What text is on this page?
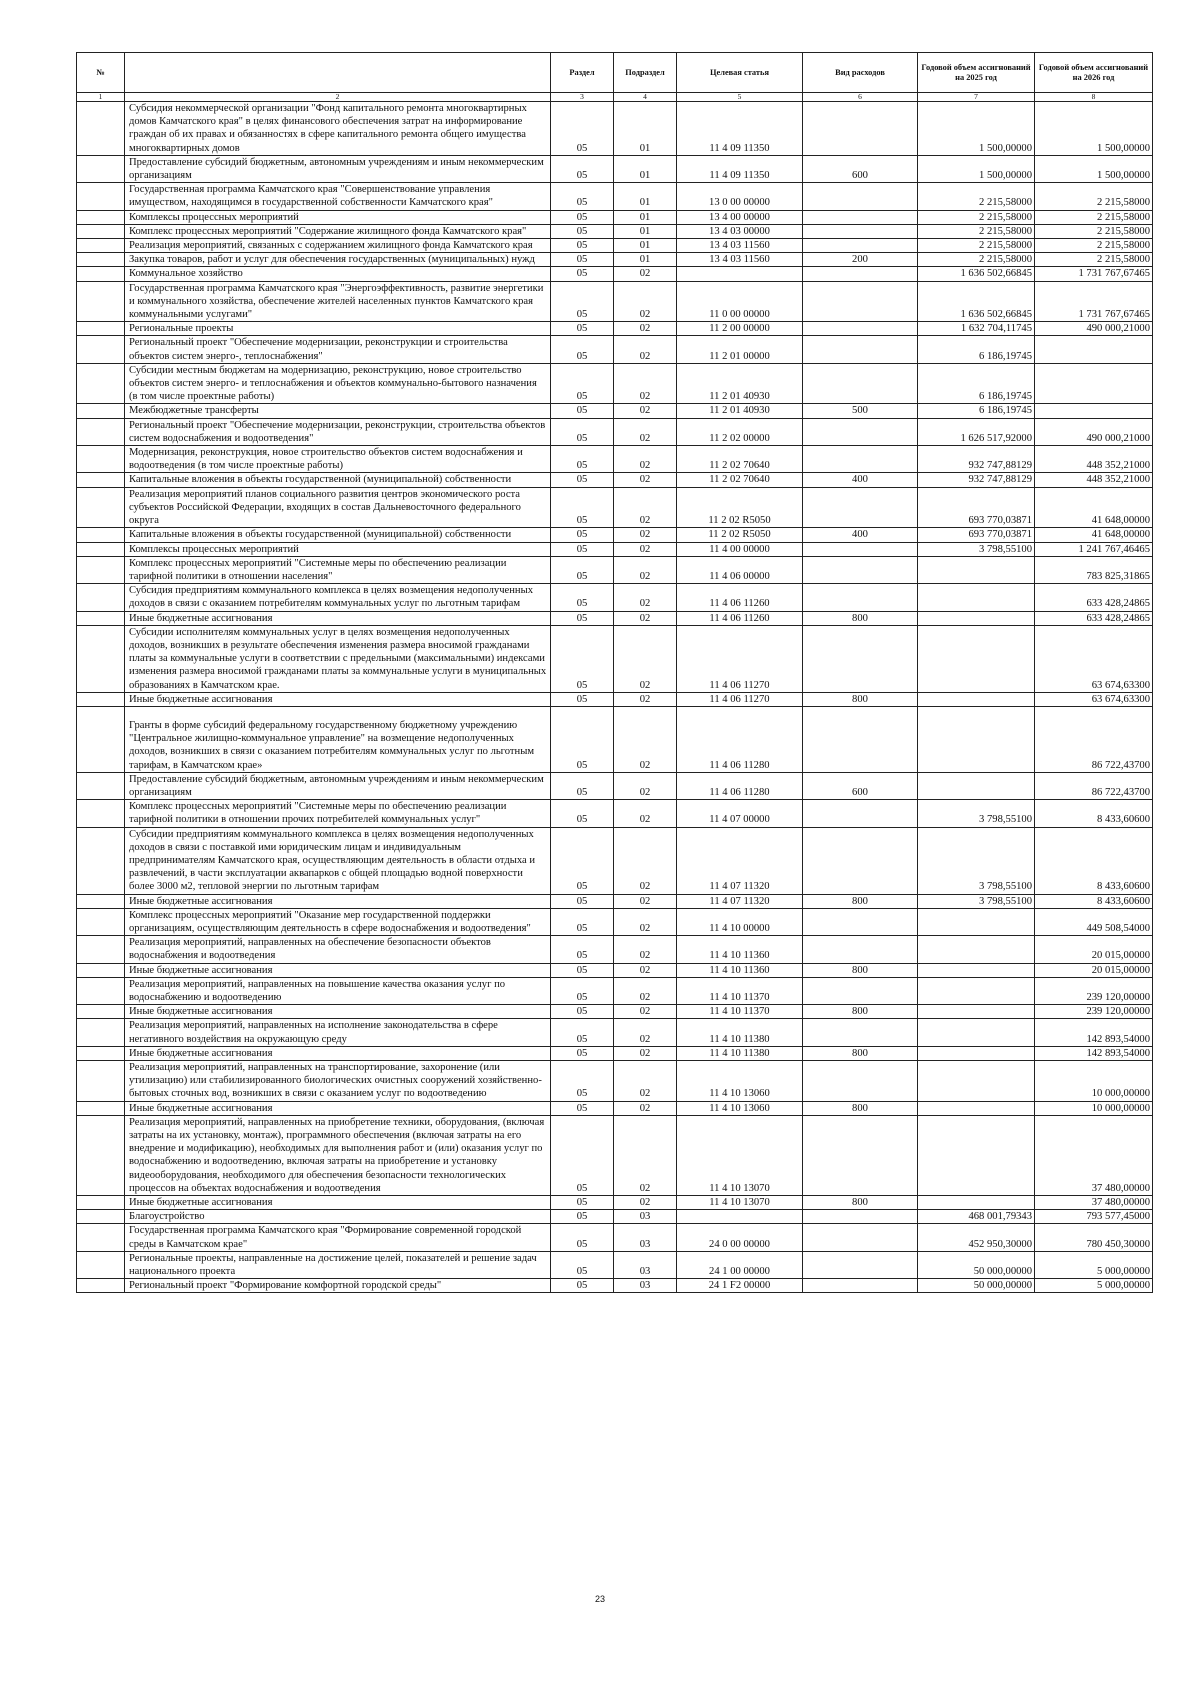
№		Раздел	Подраздел	Целевая статья	Вид расходов	Годовой объем ассигнований на 2025 год	Годовой объем ассигнований на 2026 год
1	2	3	4	5	6	7	8
	Субсидия некоммерческой организации "Фонд капитального ремонта многоквартирных домов Камчатского края" в целях финансового обеспечения затрат на информирование граждан об их правах и обязанностях в сфере капитального ремонта общего имущества многоквартирных домов	05	01	11 4 09 11350		1 500,00000	1 500,00000
	Предоставление субсидий бюджетным, автономным учреждениям и иным некоммерческим организациям	05	01	11 4 09 11350	600	1 500,00000	1 500,00000
	Государственная программа Камчатского края "Совершенствование управления имуществом, находящимся в государственной собственности Камчатского края"	05	01	13 0 00 00000		2 215,58000	2 215,58000
	Комплексы процессных мероприятий	05	01	13 4 00 00000		2 215,58000	2 215,58000
	Комплекс процессных мероприятий "Содержание жилищного фонда Камчатского края"	05	01	13 4 03 00000		2 215,58000	2 215,58000
	Реализация мероприятий, связанных с содержанием жилищного фонда Камчатского края	05	01	13 4 03 11560		2 215,58000	2 215,58000
	Закупка товаров, работ и услуг для обеспечения государственных (муниципальных) нужд	05	01	13 4 03 11560	200	2 215,58000	2 215,58000
	Коммунальное хозяйство	05	02			1 636 502,66845	1 731 767,67465
	Государственная программа Камчатского края "Энергоэффективность, развитие энергетики и коммунального хозяйства, обеспечение жителей населенных пунктов Камчатского края коммунальными услугами"	05	02	11 0 00 00000		1 636 502,66845	1 731 767,67465
	Региональные проекты	05	02	11 2 00 00000		1 632 704,11745	490 000,21000
	Региональный проект "Обеспечение модернизации, реконструкции и строительства объектов систем энерго-, теплоснабжения"	05	02	11 2 01 00000		6 186,19745	
	Субсидии местным бюджетам на модернизацию, реконструкцию, новое строительство объектов систем энерго- и теплоснабжения и объектов коммунально-бытового назначения (в том числе проектные работы)	05	02	11 2 01 40930		6 186,19745	
	Межбюджетные трансферты	05	02	11 2 01 40930	500	6 186,19745	
	Региональный проект "Обеспечение модернизации, реконструкции, строительства объектов систем водоснабжения и водоотведения"	05	02	11 2 02 00000		1 626 517,92000	490 000,21000
	Модернизация, реконструкция, новое строительство объектов систем водоснабжения и водоотведения (в том числе проектные работы)	05	02	11 2 02 70640		932 747,88129	448 352,21000
	Капитальные вложения в объекты государственной (муниципальной) собственности	05	02	11 2 02 70640	400	932 747,88129	448 352,21000
	Реализация мероприятий планов социального развития центров экономического роста субъектов Российской Федерации, входящих в состав Дальневосточного федерального округа	05	02	11 2 02 R5050		693 770,03871	41 648,00000
	Капитальные вложения в объекты государственной (муниципальной) собственности	05	02	11 2 02 R5050	400	693 770,03871	41 648,00000
	Комплексы процессных мероприятий	05	02	11 4 00 00000		3 798,55100	1 241 767,46465
	Комплекс процессных мероприятий "Системные меры по обеспечению реализации тарифной политики в отношении населения"	05	02	11 4 06 00000			783 825,31865
	Субсидия предприятиям коммунального комплекса в целях возмещения недополученных доходов в связи с оказанием потребителям коммунальных услуг по льготным тарифам	05	02	11 4 06 11260			633 428,24865
	Иные бюджетные ассигнования	05	02	11 4 06 11260	800		633 428,24865
	Субсидии исполнителям коммунальных услуг в целях возмещения недополученных доходов, возникших в результате обеспечения изменения размера вносимой гражданами платы за коммунальные услуги в соответствии с предельными (максимальными) индексами изменения размера вносимой гражданами платы за коммунальные услуги в муниципальных образованиях в Камчатском крае.	05	02	11 4 06 11270			63 674,63300
	Иные бюджетные ассигнования	05	02	11 4 06 11270	800		63 674,63300
	Гранты в форме субсидий федеральному государственному бюджетному учреждению "Центральное жилищно-коммунальное управление" на возмещение недополученных доходов, возникших в связи с оказанием потребителям коммунальных услуг по льготным тарифам, в Камчатском крае»	05	02	11 4 06 11280			86 722,43700
	Предоставление субсидий бюджетным, автономным учреждениям и иным некоммерческим организациям	05	02	11 4 06 11280	600		86 722,43700
	Комплекс процессных мероприятий "Системные меры по обеспечению реализации тарифной политики в отношении прочих потребителей коммунальных услуг"	05	02	11 4 07 00000		3 798,55100	8 433,60600
	Субсидии предприятиям коммунального комплекса в целях возмещения недополученных доходов в связи с поставкой ими юридическим лицам и индивидуальным предпринимателям Камчатского края, осуществляющим деятельность в области отдыха и развлечений, в части эксплуатации аквапарков с общей площадью водной поверхности более 3000 м2, тепловой энергии по льготным тарифам	05	02	11 4 07 11320		3 798,55100	8 433,60600
	Иные бюджетные ассигнования	05	02	11 4 07 11320	800	3 798,55100	8 433,60600
	Комплекс процессных мероприятий "Оказание мер государственной поддержки организациям, осуществляющим деятельность в сфере водоснабжения и водоотведения"	05	02	11 4 10 00000			449 508,54000
	Реализация мероприятий, направленных на обеспечение безопасности объектов водоснабжения и водоотведения	05	02	11 4 10 11360			20 015,00000
	Иные бюджетные ассигнования	05	02	11 4 10 11360	800		20 015,00000
	Реализация мероприятий, направленных на повышение качества оказания услуг по водоснабжению и водоотведению	05	02	11 4 10 11370			239 120,00000
	Иные бюджетные ассигнования	05	02	11 4 10 11370	800		239 120,00000
	Реализация мероприятий, направленных на исполнение законодательства в сфере негативного воздействия на окружающую среду	05	02	11 4 10 11380			142 893,54000
	Иные бюджетные ассигнования	05	02	11 4 10 11380	800		142 893,54000
	Реализация мероприятий, направленных на транспортирование, захоронение (или утилизацию) или стабилизированного биологических очистных сооружений хозяйственно-бытовых сточных вод, возникших в связи с оказанием услуг по водоотведению	05	02	11 4 10 13060			10 000,00000
	Иные бюджетные ассигнования	05	02	11 4 10 13060	800		10 000,00000
	Реализация мероприятий, направленных на приобретение техники, оборудования, (включая затраты на их установку, монтаж), программного обеспечения (включая затраты на его внедрение и модификацию), необходимых для выполнения работ и (или) оказания услуг по водоснабжению и водоотведению, включая затраты на приобретение и установку видеооборудования, необходимого для обеспечения безопасности технологических процессов на объектах водоснабжения и водоотведения	05	02	11 4 10 13070			37 480,00000
	Иные бюджетные ассигнования	05	02	11 4 10 13070	800		37 480,00000
	Благоустройство	05	03			468 001,79343	793 577,45000
	Государственная программа Камчатского края "Формирование современной городской среды в Камчатском крае"	05	03	24 0 00 00000		452 950,30000	780 450,30000
	Региональные проекты, направленные на достижение целей, показателей и решение задач национального проекта	05	03	24 1 00 00000		50 000,00000	5 000,00000
	Региональный проект "Формирование комфортной городской среды"	05	03	24 1 F2 00000		50 000,00000	5 000,00000
23
